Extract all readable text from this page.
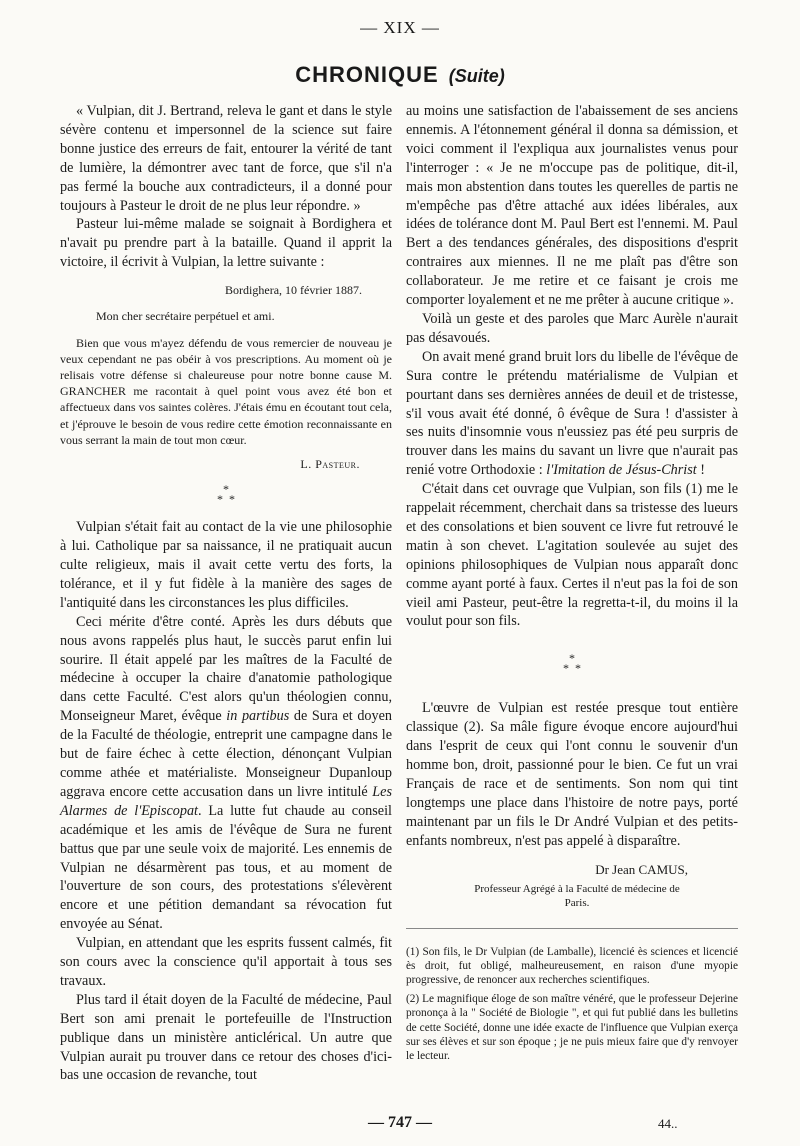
— XIX —
CHRONIQUE (Suite)

« Vulpian, dit J. Bertrand, releva le gant et dans le style sévère contenu et impersonnel de la science sut faire bonne justice des erreurs de fait, entourer la vérité de tant de lumière, la démontrer avec tant de force, que s'il n'a pas fermé la bouche aux contradicteurs, il a donné pour toujours à Pasteur le droit de ne plus leur répondre. »

Pasteur lui-même malade se soignait à Bordighera et n'avait pu prendre part à la bataille. Quand il apprit la victoire, il écrivit à Vulpian, la lettre suivante :

Bordighera, 10 février 1887.
Mon cher secrétaire perpétuel et ami.
Bien que vous m'ayez défendu de vous remercier de nouveau je veux cependant ne pas obéir à vos prescriptions. Au moment où je relisais votre défense si chaleureuse pour notre bonne cause M. GRANCHER me racontait à quel point vous avez été bon et affectueux dans vos saintes colères. J'étais ému en écoutant tout cela, et j'éprouve le besoin de vous redire cette émotion reconnaissante en vous serrant la main de tout mon cœur.
L. Pasteur.
*
* *

Vulpian s'était fait au contact de la vie une philosophie à lui. Catholique par sa naissance, il ne pratiquait aucun culte religieux, mais il avait cette vertu des forts, la tolérance, et il y fut fidèle à la manière des sages de l'antiquité dans les circonstances les plus difficiles.

Ceci mérite d'être conté. Après les durs débuts que nous avons rappelés plus haut, le succès parut enfin lui sourire. Il était appelé par les maîtres de la Faculté de médecine à occuper la chaire d'anatomie pathologique dans cette Faculté. C'est alors qu'un théologien connu, Monseigneur Maret, évêque in partibus de Sura et doyen de la Faculté de théologie, entreprit une campagne dans le but de faire échec à cette élection, dénonçant Vulpian comme athée et matérialiste. Monseigneur Dupanloup aggrava encore cette accusation dans un livre intitulé Les Alarmes de l'Episcopat. La lutte fut chaude au conseil académique et les amis de l'évêque de Sura ne furent battus que par une seule voix de majorité. Les ennemis de Vulpian ne désarmèrent pas tous, et au moment de l'ouverture de son cours, des protestations s'élevèrent encore et une pétition demandant sa révocation fut envoyée au Sénat.

Vulpian, en attendant que les esprits fussent calmés, fit son cours avec la conscience qu'il apportait à tous ses travaux.

Plus tard il était doyen de la Faculté de médecine, Paul Bert son ami prenait le portefeuille de l'Instruction publique dans un ministère anticlérical. Un autre que Vulpian aurait pu trouver dans ce retour des choses d'ici-bas une occasion de revanche, tout

au moins une satisfaction de l'abaissement de ses anciens ennemis. A l'étonnement général il donna sa démission, et voici comment il l'expliqua aux journalistes venus pour l'interroger : « Je ne m'occupe pas de politique, dit-il, mais mon abstention dans toutes les querelles de partis ne m'empêche pas d'être attaché aux idées libérales, aux idées de tolérance dont M. Paul Bert est l'ennemi. M. Paul Bert a des tendances générales, des dispositions d'esprit contraires aux miennes. Il ne me plaît pas d'être son collaborateur. Je me retire et ce faisant je crois me comporter loyalement et ne me prêter à aucune critique ».

Voilà un geste et des paroles que Marc Aurèle n'aurait pas désavoués.

On avait mené grand bruit lors du libelle de l'évêque de Sura contre le prétendu matérialisme de Vulpian et pourtant dans ses dernières années de deuil et de tristesse, s'il vous avait été donné, ô évêque de Sura ! d'assister à ses nuits d'insomnie vous n'eussiez pas été peu surpris de trouver dans les mains du savant un livre que n'aurait pas renié votre Orthodoxie : l'Imitation de Jésus-Christ !

C'était dans cet ouvrage que Vulpian, son fils (1) me le rappelait récemment, cherchait dans sa tristesse des lueurs et des consolations et bien souvent ce livre fut retrouvé le matin à son chevet. L'agitation soulevée au sujet des opinions philosophiques de Vulpian nous apparaît donc comme ayant porté à faux. Certes il n'eut pas la foi de son vieil ami Pasteur, peut-être la regretta-t-il, du moins il la voulut pour son fils.

*
* *

L'œuvre de Vulpian est restée presque tout entière classique (2). Sa mâle figure évoque encore aujourd'hui dans l'esprit de ceux qui l'ont connu le souvenir d'un homme bon, droit, passionné pour le bien. Ce fut un vrai Français de race et de sentiments. Son nom qui tint longtemps une place dans l'histoire de notre pays, porté maintenant par un fils le Dr André Vulpian et des petits-enfants nombreux, n'est pas appelé à disparaître.

Dr Jean CAMUS,
Professeur Agrégé à la Faculté de médecine de Paris.

(1) Son fils, le Dr Vulpian (de Lamballe), licencié ès sciences et licencié ès droit, fut obligé, malheureusement, en raison d'une myopie progressive, de renoncer aux recherches scientifiques.

(2) Le magnifique éloge de son maître vénéré, que le professeur Dejerine prononça à la " Société de Biologie ", et qui fut publié dans les bulletins de cette Société, donne une idée exacte de l'influence que Vulpian exerça sur ses élèves et sur son époque ; je ne puis mieux faire que d'y renvoyer le lecteur.

— 747 —	44..
